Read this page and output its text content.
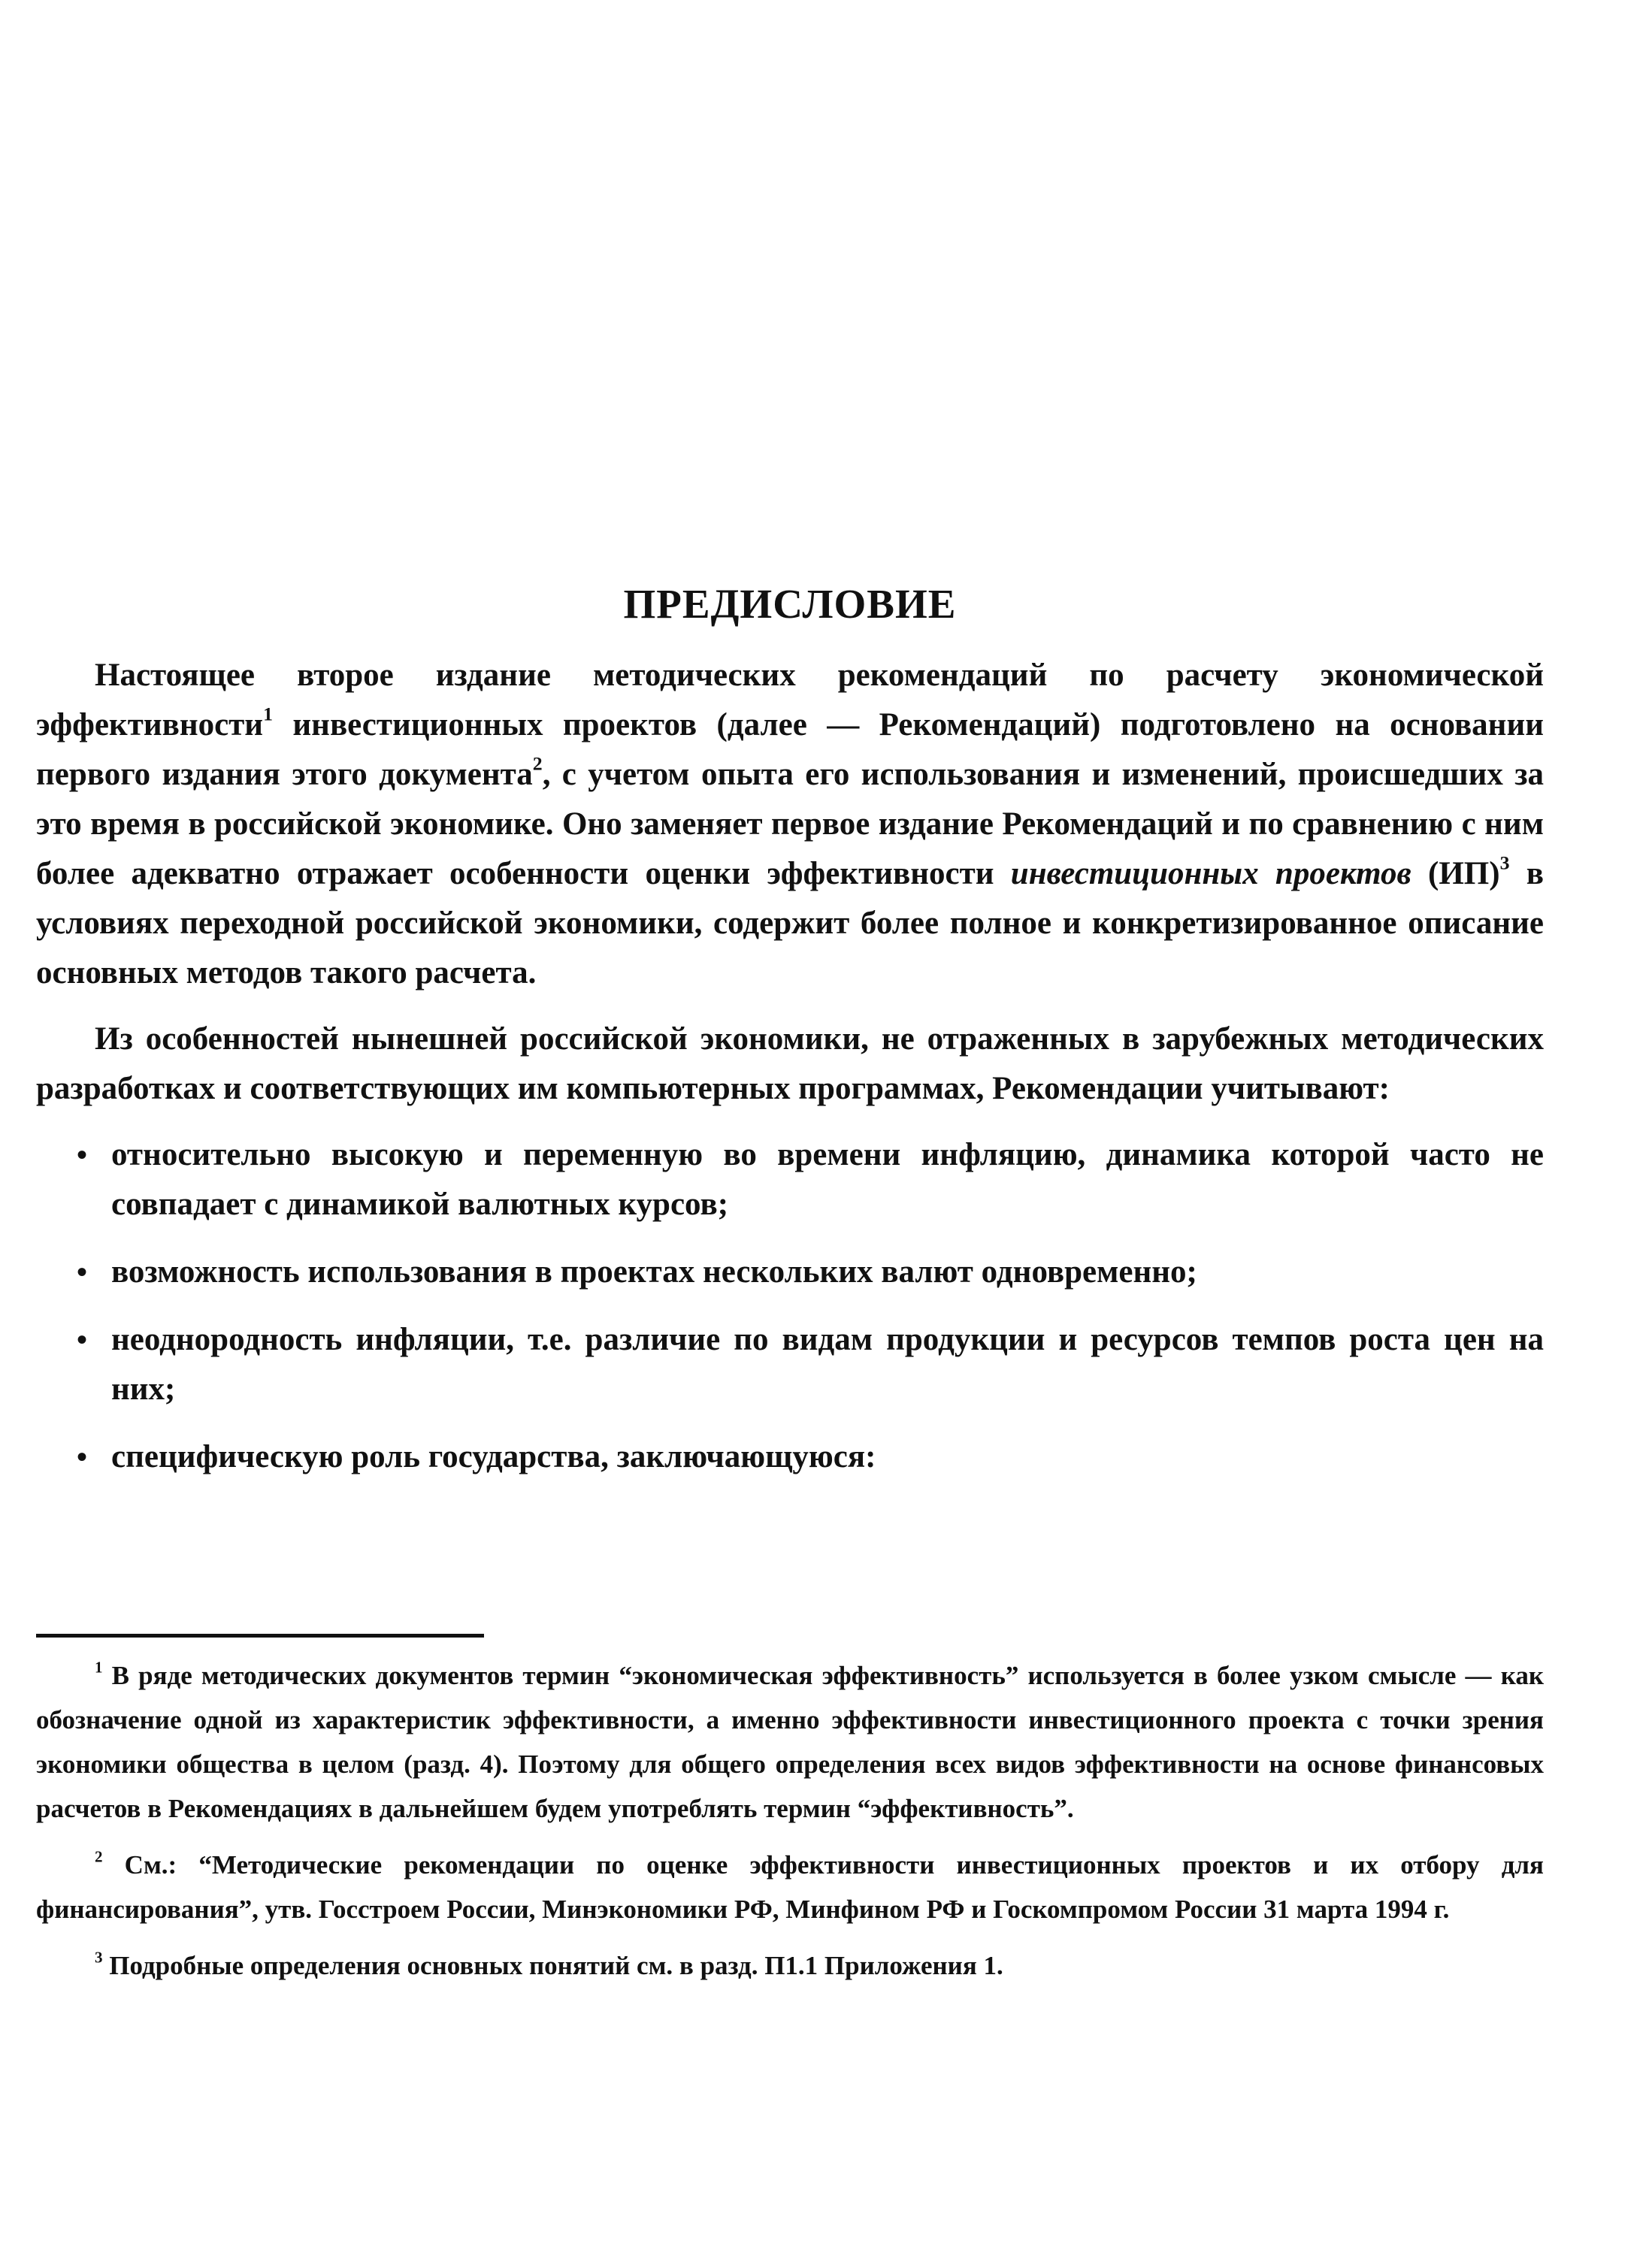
ПРЕДИСЛОВИЕ

Настоящее второе издание методических рекомендаций по расчету экономической эффективности$^1$ инвестиционных проектов (далее — Рекомендаций) подготовлено на основании первого издания этого документа$^2$, с учетом опыта его использования и изменений, происшедших за это время в российской экономике. Оно заменяет первое издание Рекомендаций и по сравнению с ним более адекватно отражает особенности оценки эффективности инвестиционных проектов (ИП)$^3$ в условиях переходной российской экономики, содержит более полное и конкретизированное описание основных методов такого расчета.

Из особенностей нынешней российской экономики, не отраженных в зарубежных методических разработках и соответствующих им компьютерных программах, Рекомендации учитывают:

• относительно высокую и переменную во времени инфляцию, динамика которой часто не совпадает с динамикой валютных курсов;
• возможность использования в проектах нескольких валют одновременно;
• неоднородность инфляции, т.е. различие по видам продукции и ресурсов темпов роста цен на них;
• специфическую роль государства, заключающуюся:

$^1$ В ряде методических документов термин “экономическая эффективность” используется в более узком смысле — как обозначение одной из характеристик эффективности, а именно эффективности инвестиционного проекта с точки зрения экономики общества в целом (разд. 4). Поэтому для общего определения всех видов эффективности на основе финансовых расчетов в Рекомендациях в дальнейшем будем употреблять термин “эффективность”.

$^2$ См.: “Методические рекомендации по оценке эффективности инвестиционных проектов и их отбору для финансирования”, утв. Госстроем России, Минэкономики РФ, Минфином РФ и Госкомпромом России 31 марта 1994 г.

$^3$ Подробные определения основных понятий см. в разд. П1.1 Приложения 1.
